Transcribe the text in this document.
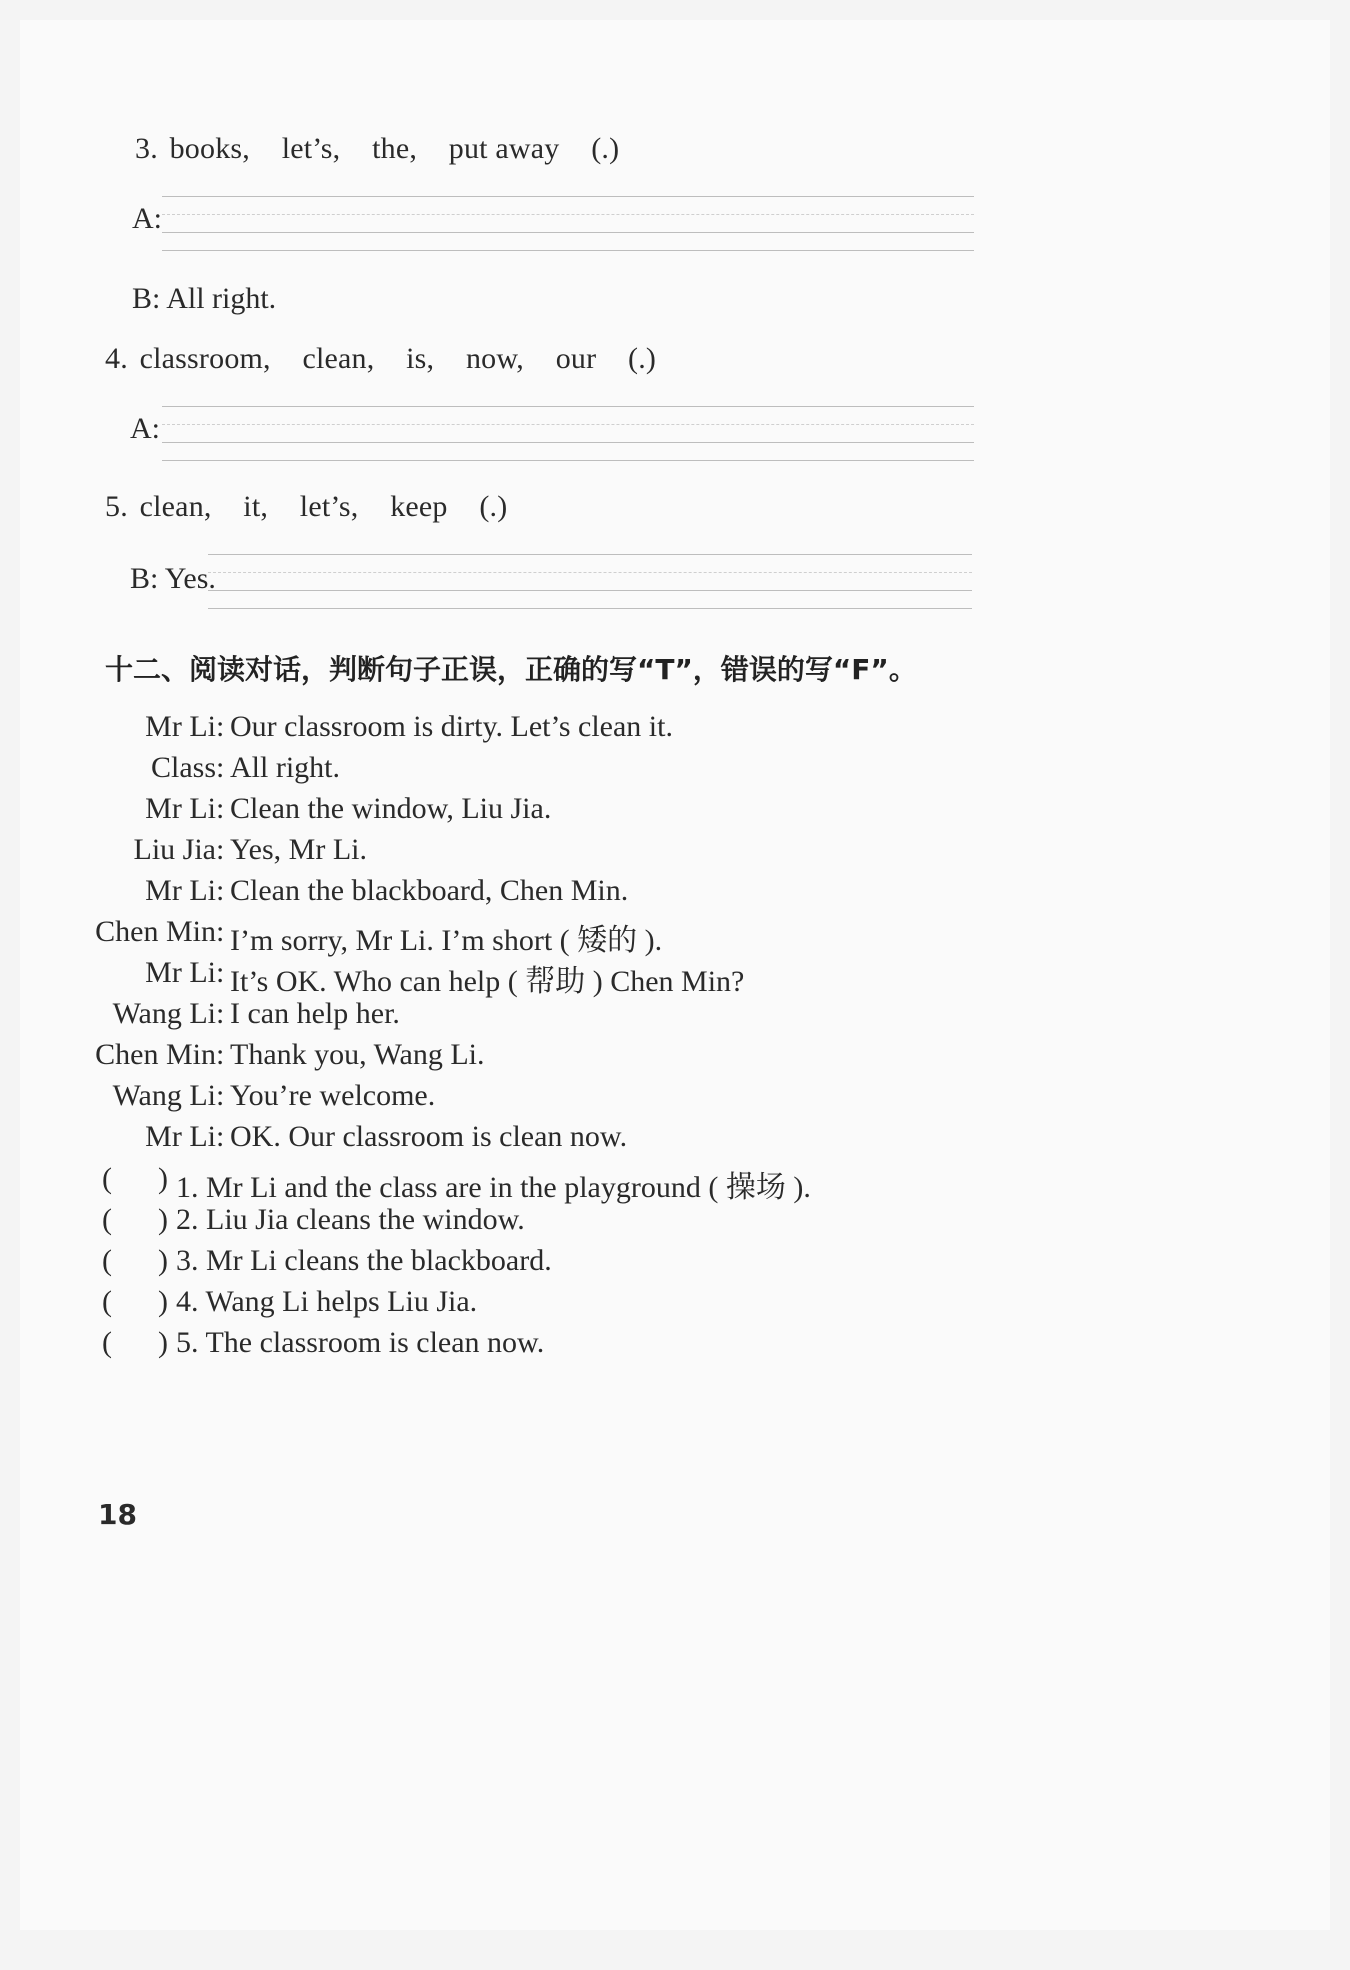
3. books, let’s, the, put away (.)
A:
B: All right.
4. classroom, clean, is, now, our (.)
A:
5. clean, it, let’s, keep (.)
B: Yes.
十二、阅读对话，判断句子正误，正确的写“T”，错误的写“F”。
Mr Li : Our classroom is dirty. Let’s clean it.
Class : All right.
Mr Li : Clean the window, Liu Jia.
Liu Jia : Yes, Mr Li.
Mr Li : Clean the blackboard, Chen Min.
Chen Min : I’m sorry, Mr Li. I’m short ( 矮的 ).
Mr Li : It’s OK. Who can help ( 帮助 ) Chen Min?
Wang Li : I can help her.
Chen Min : Thank you, Wang Li.
Wang Li : You’re welcome.
Mr Li : OK. Our classroom is clean now.
( ) 1. Mr Li and the class are in the playground ( 操场 ).
( ) 2. Liu Jia cleans the window.
( ) 3. Mr Li cleans the blackboard.
( ) 4. Wang Li helps Liu Jia.
( ) 5. The classroom is clean now.
18
